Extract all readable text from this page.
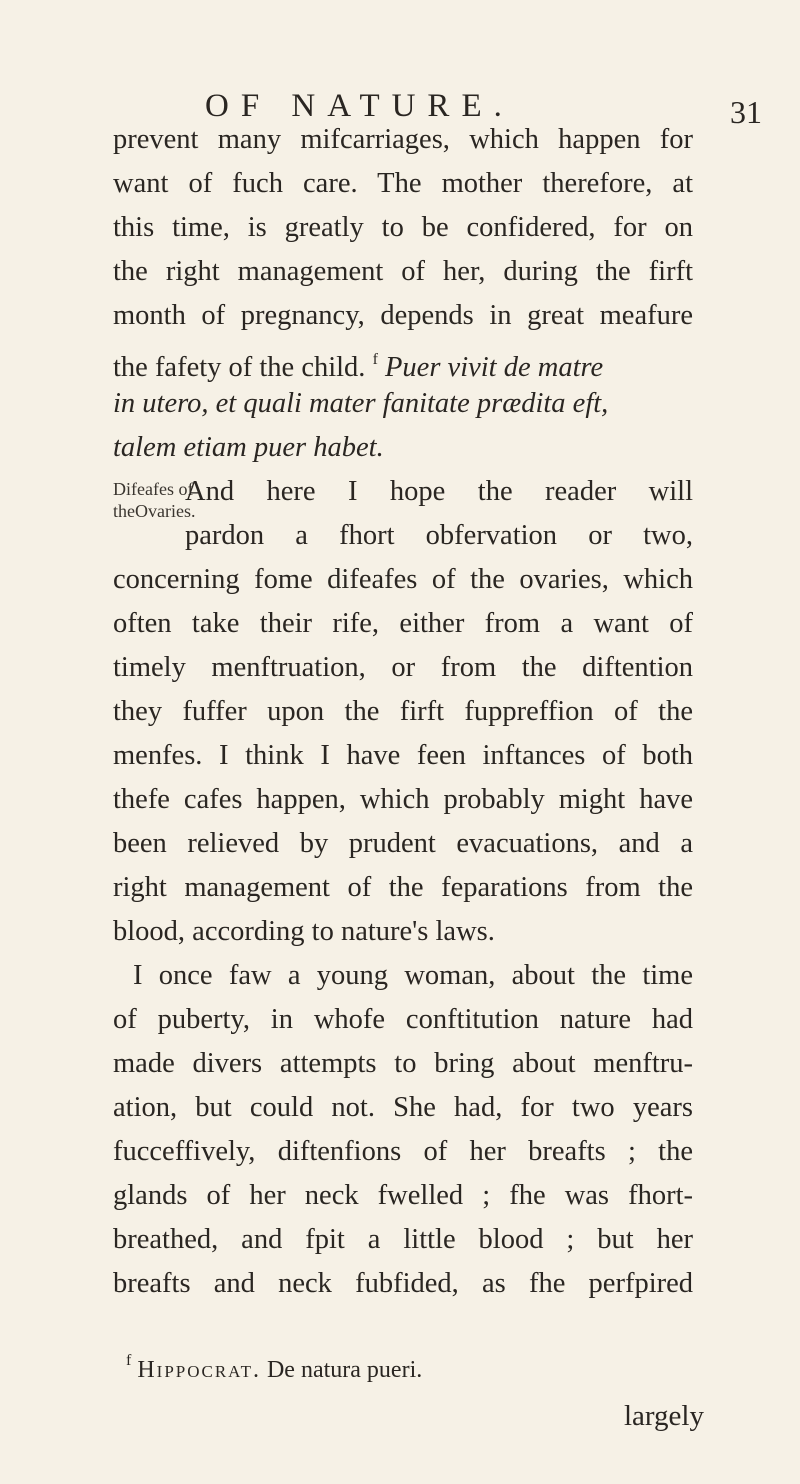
OF NATURE.	31
prevent many mifcarriages, which happen for
want of fuch care. The mother therefore, at
this time, is greatly to be confidered, for on
the right management of her, during the firft
month of pregnancy, depends in great meafure
the fafety of the child. $^f$ Puer vivit de matre
in utero, et quali mater fanitate prædita eft,
talem etiam puer habet.
Difeafes of
theOvaries.
And here I hope the reader will
pardon a fhort obfervation or two,
concerning fome difeafes of the ovaries, which
often take their rife, either from a want of
timely menftruation, or from the diftention
they fuffer upon the firft fuppreffion of the
menfes. I think I have feen inftances of both
thefe cafes happen, which probably might have
been relieved by prudent evacuations, and a
right management of the feparations from the
blood, according to nature's laws.
I once faw a young woman, about the time
of puberty, in whofe conftitution nature had
made divers attempts to bring about menftru-
ation, but could not. She had, for two years
fucceffively, diftenfions of her breafts ; the
glands of her neck fwelled ; fhe was fhort-
breathed, and fpit a little blood ; but her
breafts and neck fubfided, as fhe perfpired
$^f$ Hippocrat. De natura pueri.
largely
